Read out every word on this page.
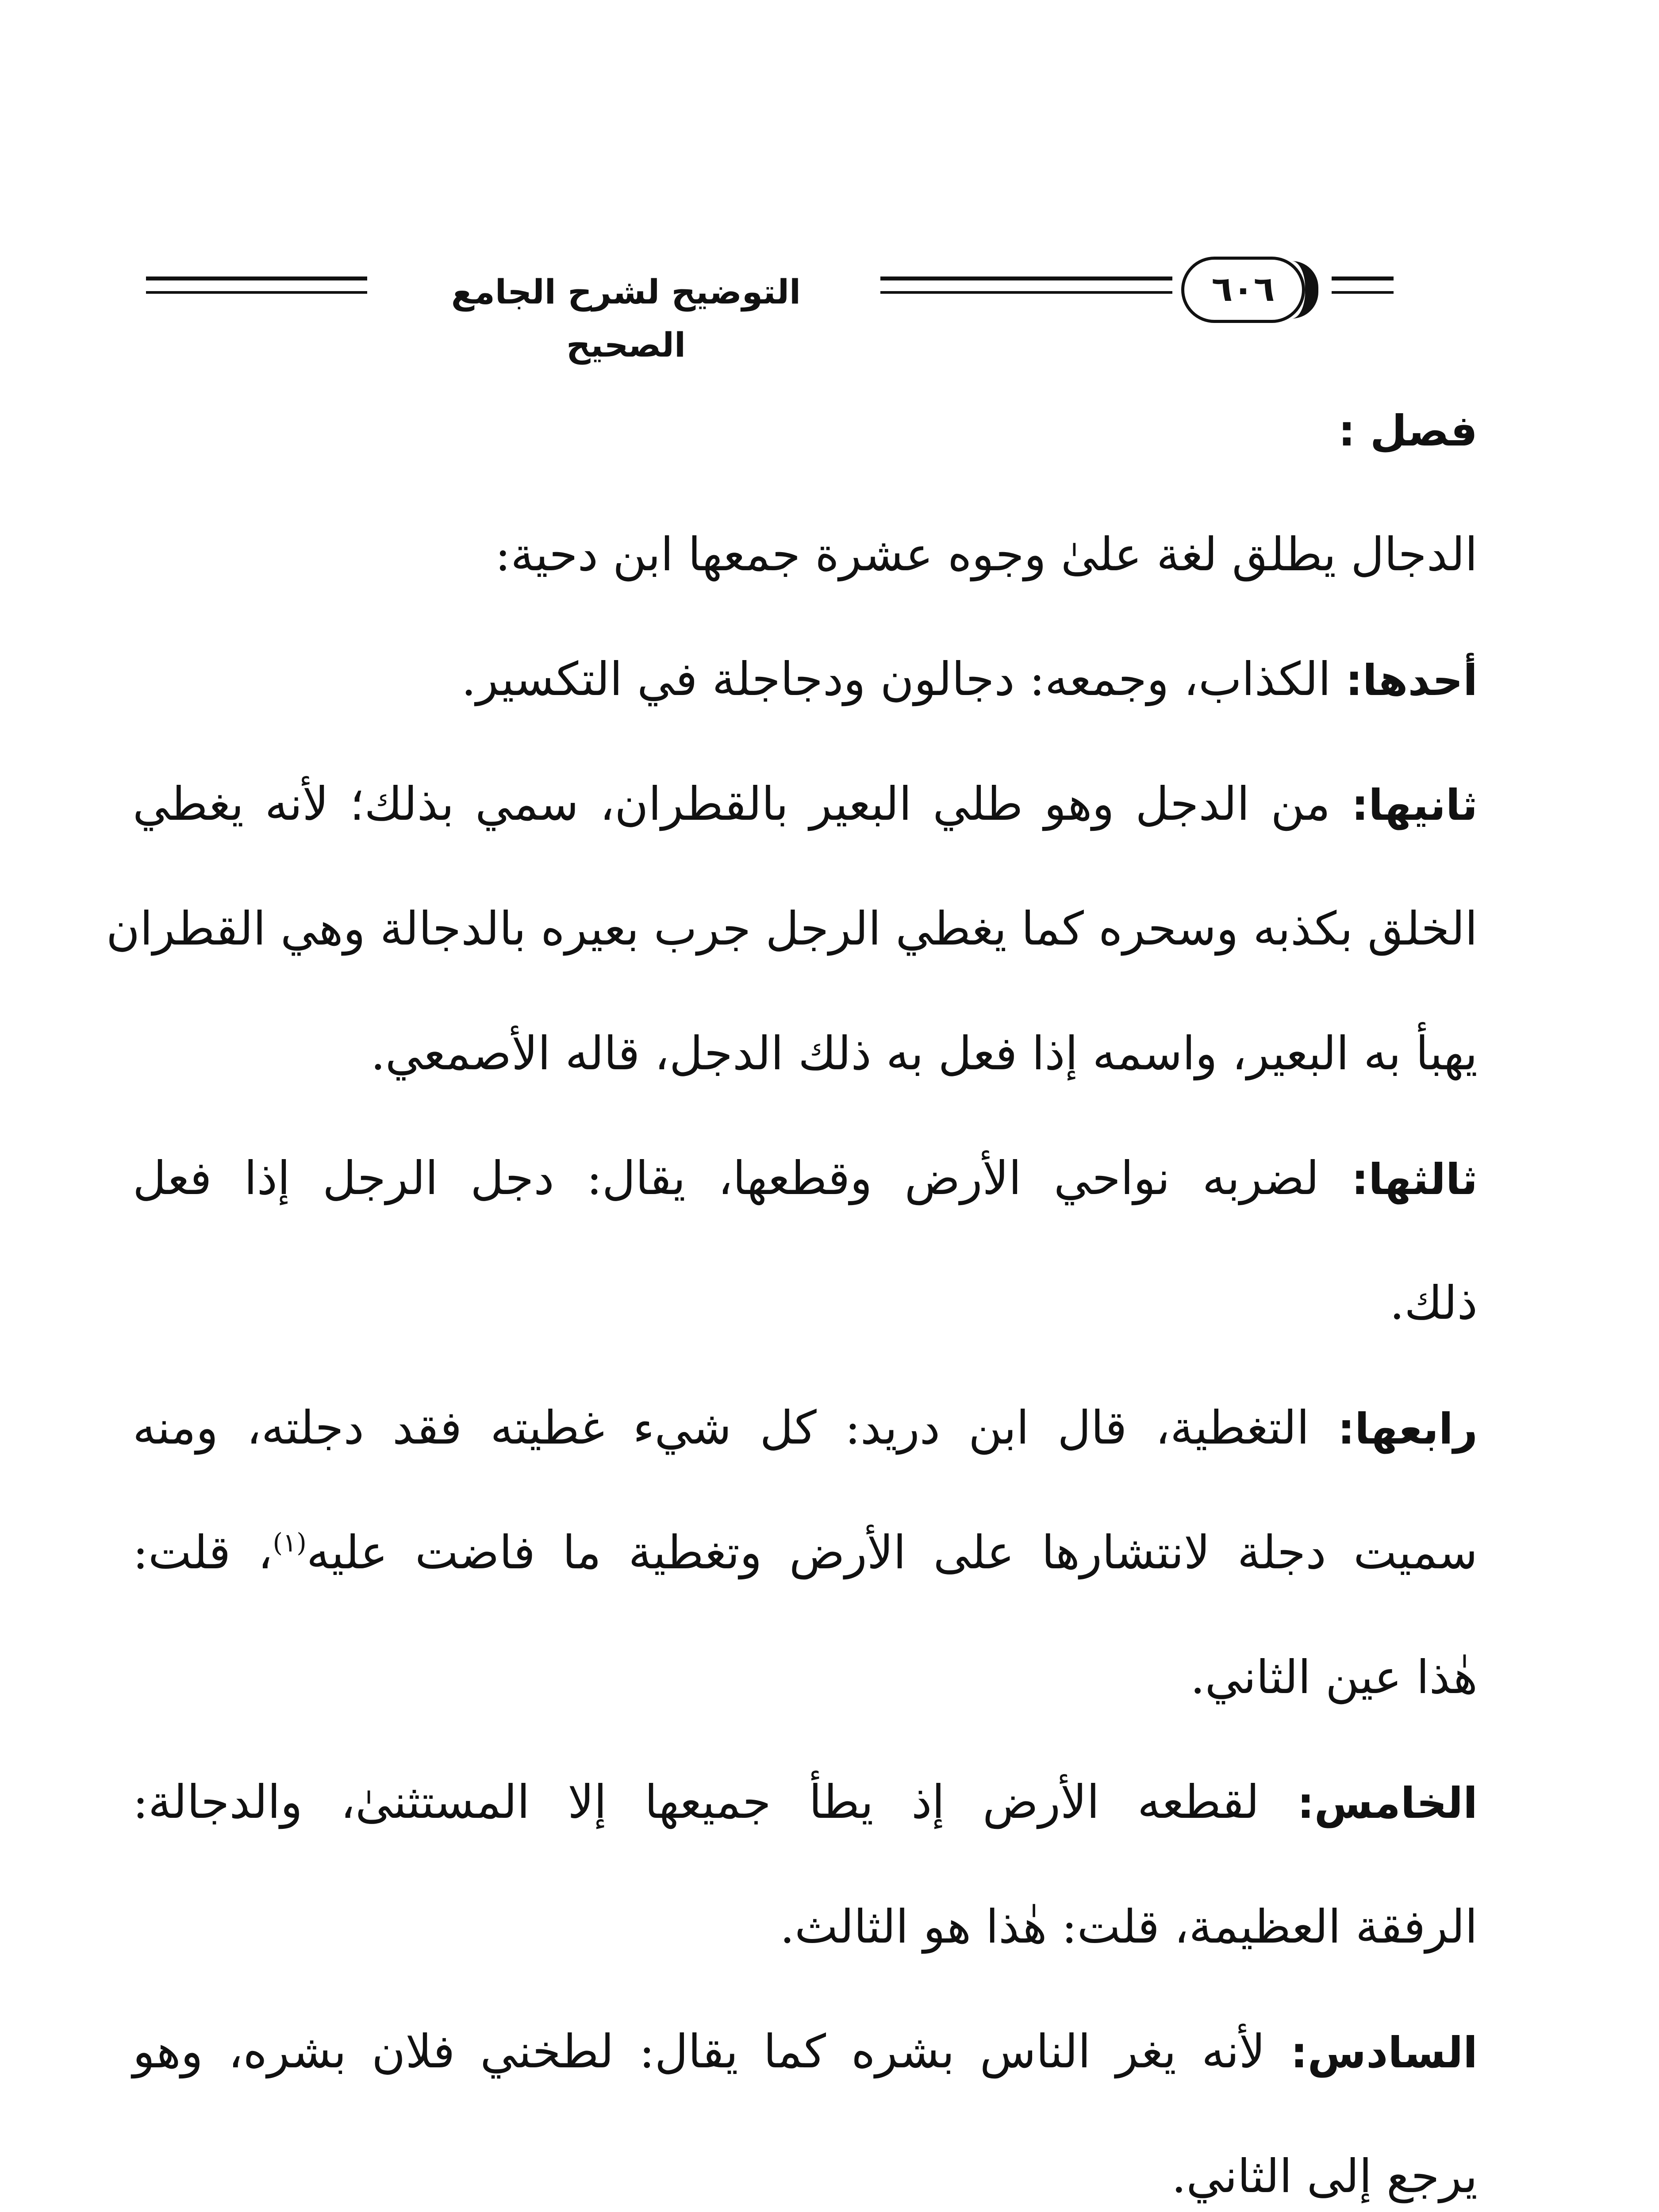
التوضيح لشرح الجامع الصحيح
٦٠٦
فصل :
الدجال يطلق لغة علىٰ وجوه عشرة جمعها ابن دحية:
أحدها: الكذاب، وجمعه: دجالون ودجاجلة في التكسير.
ثانيها: من الدجل وهو طلي البعير بالقطران، سمي بذلك؛ لأنه يغطي
الخلق بكذبه وسحره كما يغطي الرجل جرب بعيره بالدجالة وهي القطران
يهبأ به البعير، واسمه إذا فعل به ذلك الدجل، قاله الأصمعي.
ثالثها: لضربه نواحي الأرض وقطعها، يقال: دجل الرجل إذا فعل
ذلك.
رابعها: التغطية، قال ابن دريد: كل شيء غطيته فقد دجلته، ومنه
سميت دجلة لانتشارها على الأرض وتغطية ما فاضت عليه$^{(١)}$، قلت:
هٰذا عين الثاني.
الخامس: لقطعه الأرض إذ يطأ جميعها إلا المستثنىٰ، والدجالة:
الرفقة العظيمة، قلت: هٰذا هو الثالث.
السادس: لأنه يغر الناس بشره كما يقال: لطخني فلان بشره، وهو
يرجع إلى الثاني.
